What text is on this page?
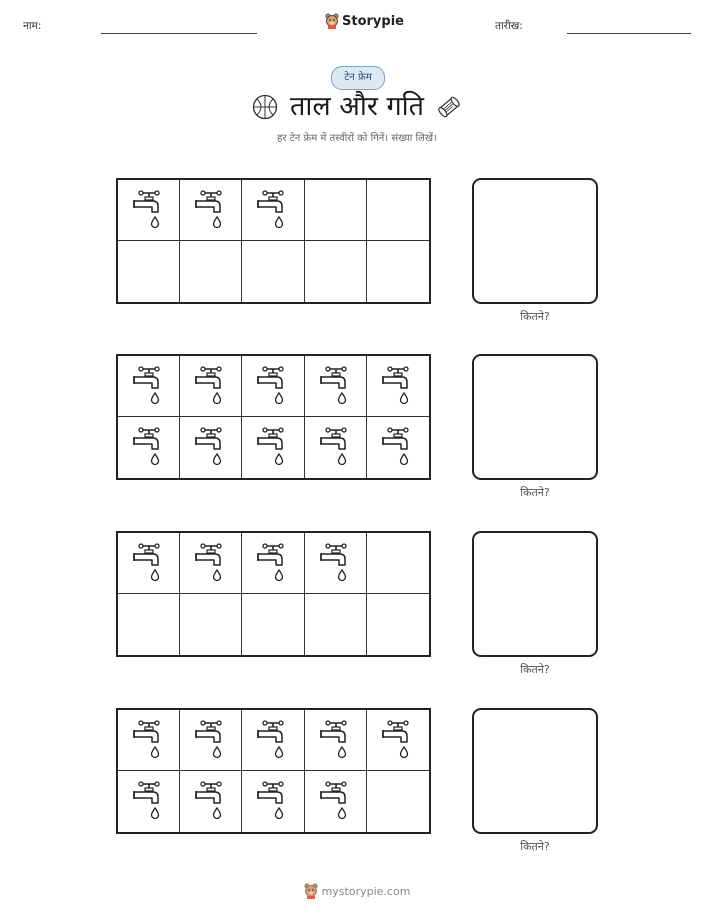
नाम:	Storypie	तारीख:
टेन फ्रेम
ताल और गति
हर टेन फ्रेम में तस्वीरों को गिनें। संख्या लिखें।
कितने?
कितने?
कितने?
कितने?
mystorypie.com
